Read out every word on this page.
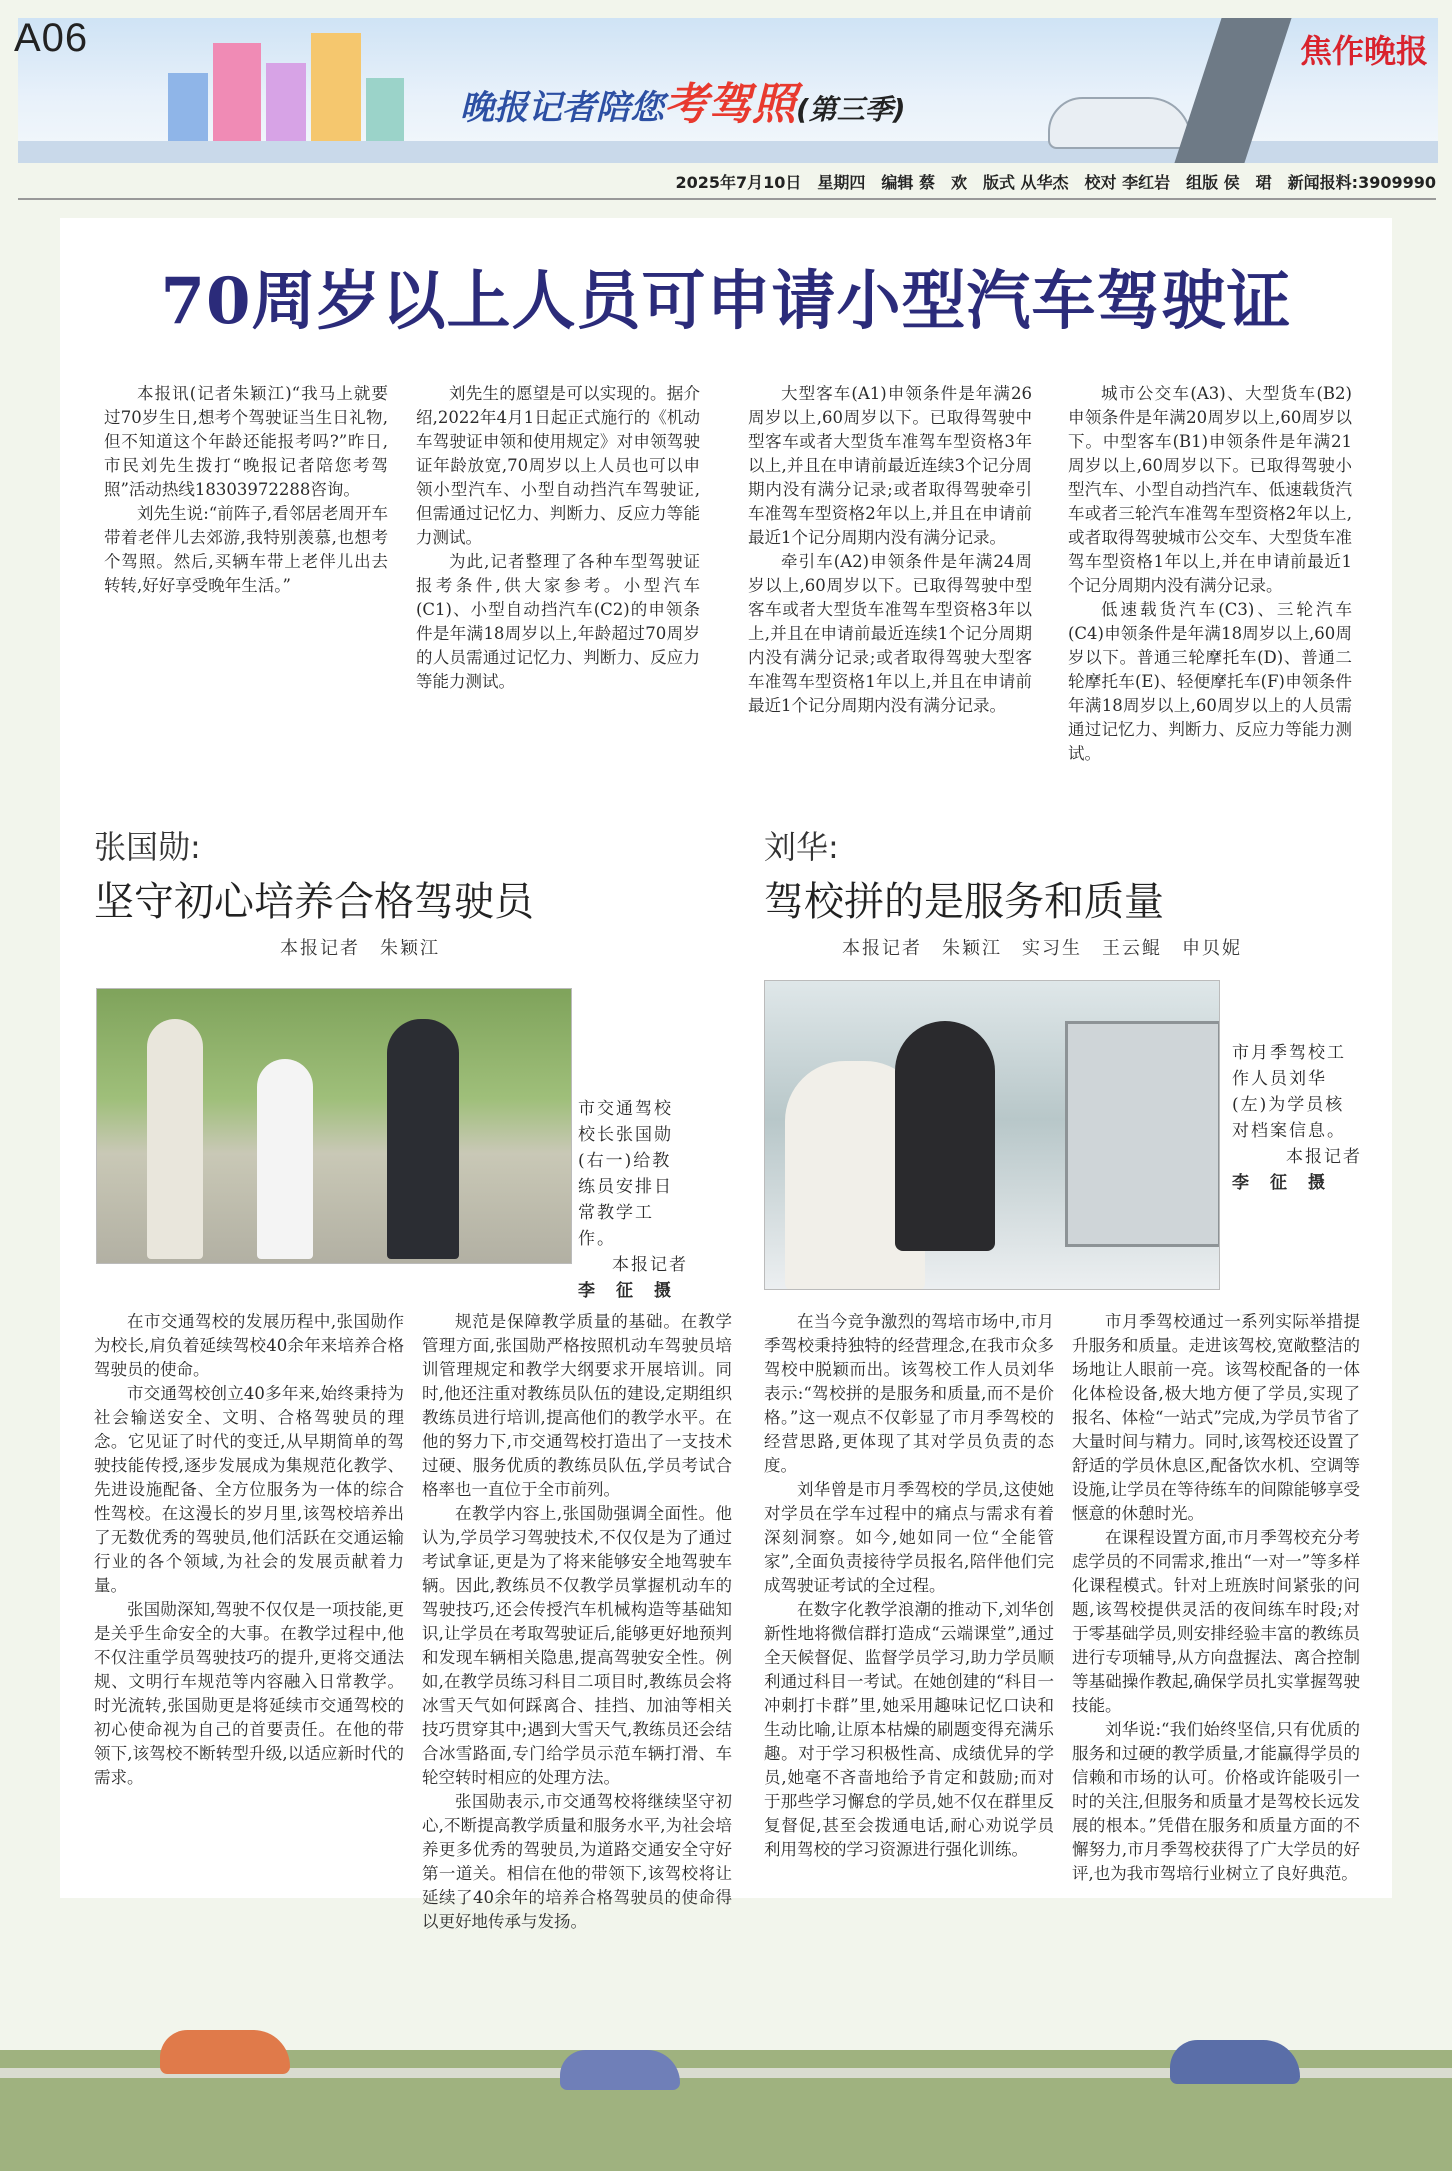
A06
晚报记者陪您考驾照(第三季)
焦作晚报
2025年7月10日　星期四　编辑 蔡　欢　版式 从华杰　校对 李红岩　组版 侯　珺　新闻报料:3909990
70周岁以上人员可申请小型汽车驾驶证

本报讯(记者朱颖江)“我马上就要过70岁生日,想考个驾驶证当生日礼物,但不知道这个年龄还能报考吗?”昨日,市民刘先生拨打“晚报记者陪您考驾照”活动热线18303972288咨询。

刘先生说:“前阵子,看邻居老周开车带着老伴儿去郊游,我特别羡慕,也想考个驾照。然后,买辆车带上老伴儿出去转转,好好享受晚年生活。”

刘先生的愿望是可以实现的。据介绍,2022年4月1日起正式施行的《机动车驾驶证申领和使用规定》对申领驾驶证年龄放宽,70周岁以上人员也可以申领小型汽车、小型自动挡汽车驾驶证,但需通过记忆力、判断力、反应力等能力测试。

为此,记者整理了各种车型驾驶证报考条件,供大家参考。小型汽车(C1)、小型自动挡汽车(C2)的申领条件是年满18周岁以上,年龄超过70周岁的人员需通过记忆力、判断力、反应力等能力测试。

大型客车(A1)申领条件是年满26周岁以上,60周岁以下。已取得驾驶中型客车或者大型货车准驾车型资格3年以上,并且在申请前最近连续3个记分周期内没有满分记录;或者取得驾驶牵引车准驾车型资格2年以上,并且在申请前最近1个记分周期内没有满分记录。

牵引车(A2)申领条件是年满24周岁以上,60周岁以下。已取得驾驶中型客车或者大型货车准驾车型资格3年以上,并且在申请前最近连续1个记分周期内没有满分记录;或者取得驾驶大型客车准驾车型资格1年以上,并且在申请前最近1个记分周期内没有满分记录。

城市公交车(A3)、大型货车(B2)申领条件是年满20周岁以上,60周岁以下。中型客车(B1)申领条件是年满21周岁以上,60周岁以下。已取得驾驶小型汽车、小型自动挡汽车、低速载货汽车或者三轮汽车准驾车型资格2年以上,或者取得驾驶城市公交车、大型货车准驾车型资格1年以上,并在申请前最近1个记分周期内没有满分记录。

低速载货汽车(C3)、三轮汽车(C4)申领条件是年满18周岁以上,60周岁以下。普通三轮摩托车(D)、普通二轮摩托车(E)、轻便摩托车(F)申领条件年满18周岁以上,60周岁以上的人员需通过记忆力、判断力、反应力等能力测试。

张国勋:
坚守初心培养合格驾驶员
本报记者　朱颖江
市交通驾校校长张国勋(右一)给教练员安排日常教学工作。
本报记者
李　征　摄

在市交通驾校的发展历程中,张国勋作为校长,肩负着延续驾校40余年来培养合格驾驶员的使命。

市交通驾校创立40多年来,始终秉持为社会输送安全、文明、合格驾驶员的理念。它见证了时代的变迁,从早期简单的驾驶技能传授,逐步发展成为集规范化教学、先进设施配备、全方位服务为一体的综合性驾校。在这漫长的岁月里,该驾校培养出了无数优秀的驾驶员,他们活跃在交通运输行业的各个领域,为社会的发展贡献着力量。

张国勋深知,驾驶不仅仅是一项技能,更是关乎生命安全的大事。在教学过程中,他不仅注重学员驾驶技巧的提升,更将交通法规、文明行车规范等内容融入日常教学。时光流转,张国勋更是将延续市交通驾校的初心使命视为自己的首要责任。在他的带领下,该驾校不断转型升级,以适应新时代的需求。

规范是保障教学质量的基础。在教学管理方面,张国勋严格按照机动车驾驶员培训管理规定和教学大纲要求开展培训。同时,他还注重对教练员队伍的建设,定期组织教练员进行培训,提高他们的教学水平。在他的努力下,市交通驾校打造出了一支技术过硬、服务优质的教练员队伍,学员考试合格率也一直位于全市前列。

在教学内容上,张国勋强调全面性。他认为,学员学习驾驶技术,不仅仅是为了通过考试拿证,更是为了将来能够安全地驾驶车辆。因此,教练员不仅教学员掌握机动车的驾驶技巧,还会传授汽车机械构造等基础知识,让学员在考取驾驶证后,能够更好地预判和发现车辆相关隐患,提高驾驶安全性。例如,在教学员练习科目二项目时,教练员会将冰雪天气如何踩离合、挂挡、加油等相关技巧贯穿其中;遇到大雪天气,教练员还会结合冰雪路面,专门给学员示范车辆打滑、车轮空转时相应的处理方法。

张国勋表示,市交通驾校将继续坚守初心,不断提高教学质量和服务水平,为社会培养更多优秀的驾驶员,为道路交通安全守好第一道关。相信在他的带领下,该驾校将让延续了40余年的培养合格驾驶员的使命得以更好地传承与发扬。

刘华:
驾校拼的是服务和质量
本报记者　朱颖江　实习生　王云鲲　申贝妮
市月季驾校工作人员刘华(左)为学员核对档案信息。
本报记者
李　征　摄

在当今竞争激烈的驾培市场中,市月季驾校秉持独特的经营理念,在我市众多驾校中脱颖而出。该驾校工作人员刘华表示:“驾校拼的是服务和质量,而不是价格。”这一观点不仅彰显了市月季驾校的经营思路,更体现了其对学员负责的态度。

刘华曾是市月季驾校的学员,这使她对学员在学车过程中的痛点与需求有着深刻洞察。如今,她如同一位“全能管家”,全面负责接待学员报名,陪伴他们完成驾驶证考试的全过程。

在数字化教学浪潮的推动下,刘华创新性地将微信群打造成“云端课堂”,通过全天候督促、监督学员学习,助力学员顺利通过科目一考试。在她创建的“科目一冲刺打卡群”里,她采用趣味记忆口诀和生动比喻,让原本枯燥的刷题变得充满乐趣。对于学习积极性高、成绩优异的学员,她毫不吝啬地给予肯定和鼓励;而对于那些学习懈怠的学员,她不仅在群里反复督促,甚至会拨通电话,耐心劝说学员利用驾校的学习资源进行强化训练。

市月季驾校通过一系列实际举措提升服务和质量。走进该驾校,宽敞整洁的场地让人眼前一亮。该驾校配备的一体化体检设备,极大地方便了学员,实现了报名、体检“一站式”完成,为学员节省了大量时间与精力。同时,该驾校还设置了舒适的学员休息区,配备饮水机、空调等设施,让学员在等待练车的间隙能够享受惬意的休憩时光。

在课程设置方面,市月季驾校充分考虑学员的不同需求,推出“一对一”等多样化课程模式。针对上班族时间紧张的问题,该驾校提供灵活的夜间练车时段;对于零基础学员,则安排经验丰富的教练员进行专项辅导,从方向盘握法、离合控制等基础操作教起,确保学员扎实掌握驾驶技能。

刘华说:“我们始终坚信,只有优质的服务和过硬的教学质量,才能赢得学员的信赖和市场的认可。价格或许能吸引一时的关注,但服务和质量才是驾校长远发展的根本。”凭借在服务和质量方面的不懈努力,市月季驾校获得了广大学员的好评,也为我市驾培行业树立了良好典范。
